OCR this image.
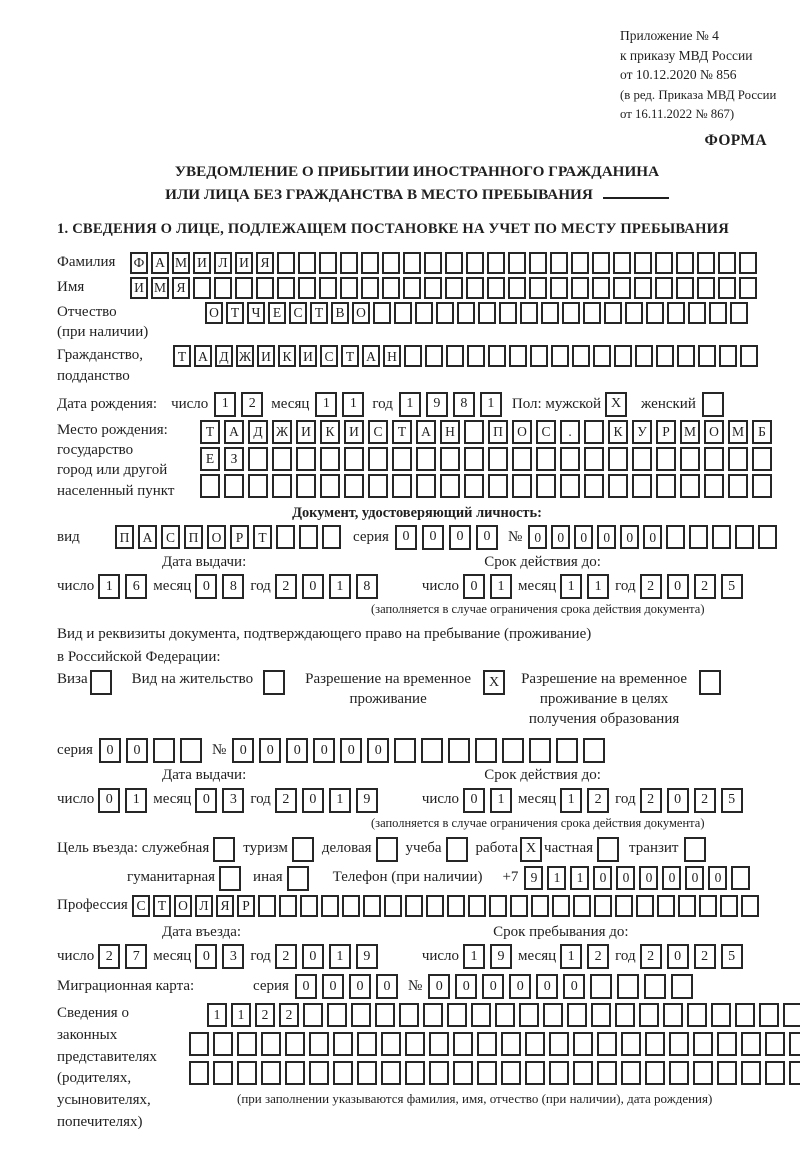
Приложение № 4
к приказу МВД России
от 10.12.2020 № 856
(в ред. Приказа МВД России
от 16.11.2022 № 867)
ФОРМА
УВЕДОМЛЕНИЕ О ПРИБЫТИИ ИНОСТРАННОГО ГРАЖДАНИНА
ИЛИ ЛИЦА БЕЗ ГРАЖДАНСТВА В МЕСТО ПРЕБЫВАНИЯ
1. СВЕДЕНИЯ О ЛИЦЕ, ПОДЛЕЖАЩЕМ ПОСТАНОВКЕ НА УЧЕТ ПО МЕСТУ ПРЕБЫВАНИЯ
Фамилия	Ф А М И Л И Я
Имя	И М Я
Отчество
(при наличии)
О Т Ч Е С Т В О
Гражданство,
подданство
Т А Д Ж И К И С Т А Н
Дата рождения: число 1	2	месяц 1	1	год 1	9	8	1	Пол: мужской X	женский
Место рождения:
государство
город или другой
населенный пункт
Т	А	Д Ж И	К	И	С	Т	А	Н	П	О	С	.	К	У	Р	М О М	Б
Е	З
Документ, удостоверяющий личность:
вид	П А	С	П О	Р	Т	серия 0	0	0	0	№ 0	0	0	0	0	0
Дата выдачи:	Срок действия до:
число 1	6 месяц 0	8 год 2	0	1	8	число 0	1 месяц 1	1 год 2	0	2	5
(заполняется в случае ограничения срока действия документа)
Вид и реквизиты документа, подтверждающего право на пребывание (проживание)
в Российской Федерации:
Виза	Вид на жительство	Разрешение на временное
проживание
X	Разрешение на временное
проживание в целях
получения образования
серия 0	0	№ 0	0	0	0	0	0
Дата выдачи:	Срок действия до:
число 0	1 месяц 0	3 год 2	0	1	9	число 0	1 месяц 1	2 год 2	0	2	5
(заполняется в случае ограничения срока действия документа)
Цель въезда: служебная туризм деловая учеба работа X частная транзит
гуманитарная	иная	Телефон (при наличии) +7 9	1	1	0	0	0	0	0	0
Профессия С Т О Л Я Р
Дата въезда:	Срок пребывания до:
число 2	7 месяц 0	3 год 2	0	1	9	число 1	9 месяц 1	2 год 2	0	2	5
Миграционная карта:	серия 0	0	0	0	№ 0	0	0	0	0	0
Сведения о
законных
представителях
(родителях,
усыновителях,
попечителях)
1	1	2	2
(при заполнении указываются фамилия, имя, отчество (при наличии), дата рождения)
